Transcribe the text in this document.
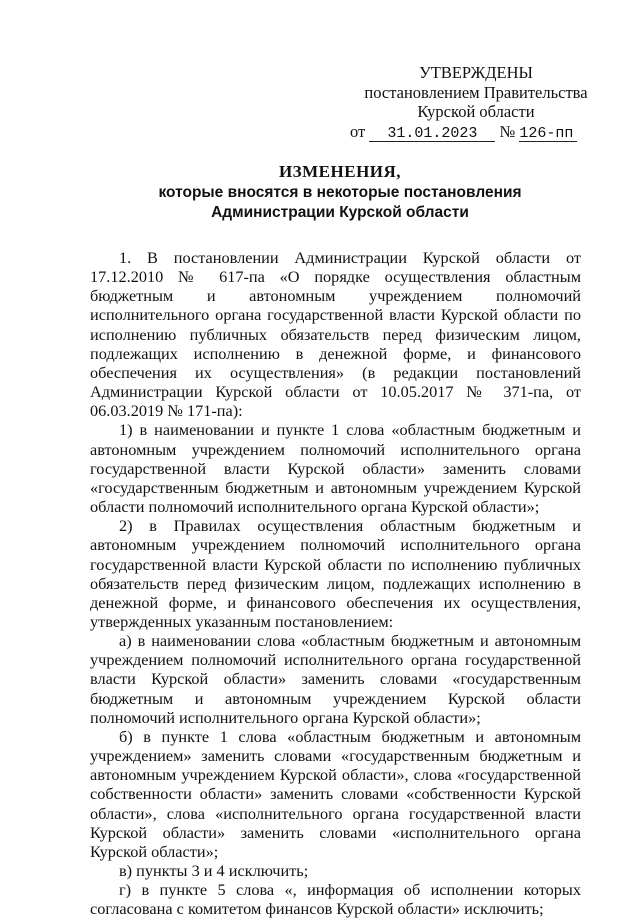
УТВЕРЖДЕНЫ
постановлением Правительства
Курской области
от 31.01.2023 № 126-пп
ИЗМЕНЕНИЯ,
которые вносятся в некоторые постановления
Администрации Курской области

1. В постановлении Администрации Курской области от 17.12.2010 № 617-па «О порядке осуществления областным бюджетным и автономным учреждением полномочий исполнительного органа государственной власти Курской области по исполнению публичных обязательств перед физическим лицом, подлежащих исполнению в денежной форме, и финансового обеспечения их осуществления» (в редакции постановлений Администрации Курской области от 10.05.2017 № 371-па, от 06.03.2019 № 171-па):

1) в наименовании и пункте 1 слова «областным бюджетным и автономным учреждением полномочий исполнительного органа государственной власти Курской области» заменить словами «государственным бюджетным и автономным учреждением Курской области полномочий исполнительного органа Курской области»;

2) в Правилах осуществления областным бюджетным и автономным учреждением полномочий исполнительного органа государственной власти Курской области по исполнению публичных обязательств перед физическим лицом, подлежащих исполнению в денежной форме, и финансового обеспечения их осуществления, утвержденных указанным постановлением:

а) в наименовании слова «областным бюджетным и автономным учреждением полномочий исполнительного органа государственной власти Курской области» заменить словами «государственным бюджетным и автономным учреждением Курской области полномочий исполнительного органа Курской области»;

б) в пункте 1 слова «областным бюджетным и автономным учреждением» заменить словами «государственным бюджетным и автономным учреждением Курской области», слова «государственной собственности области» заменить словами «собственности Курской области», слова «исполнительного органа государственной власти Курской области» заменить словами «исполнительного органа Курской области»;

в) пункты 3 и 4 исключить;

г) в пункте 5 слова «, информация об исполнении которых согласована с комитетом финансов Курской области» исключить;
